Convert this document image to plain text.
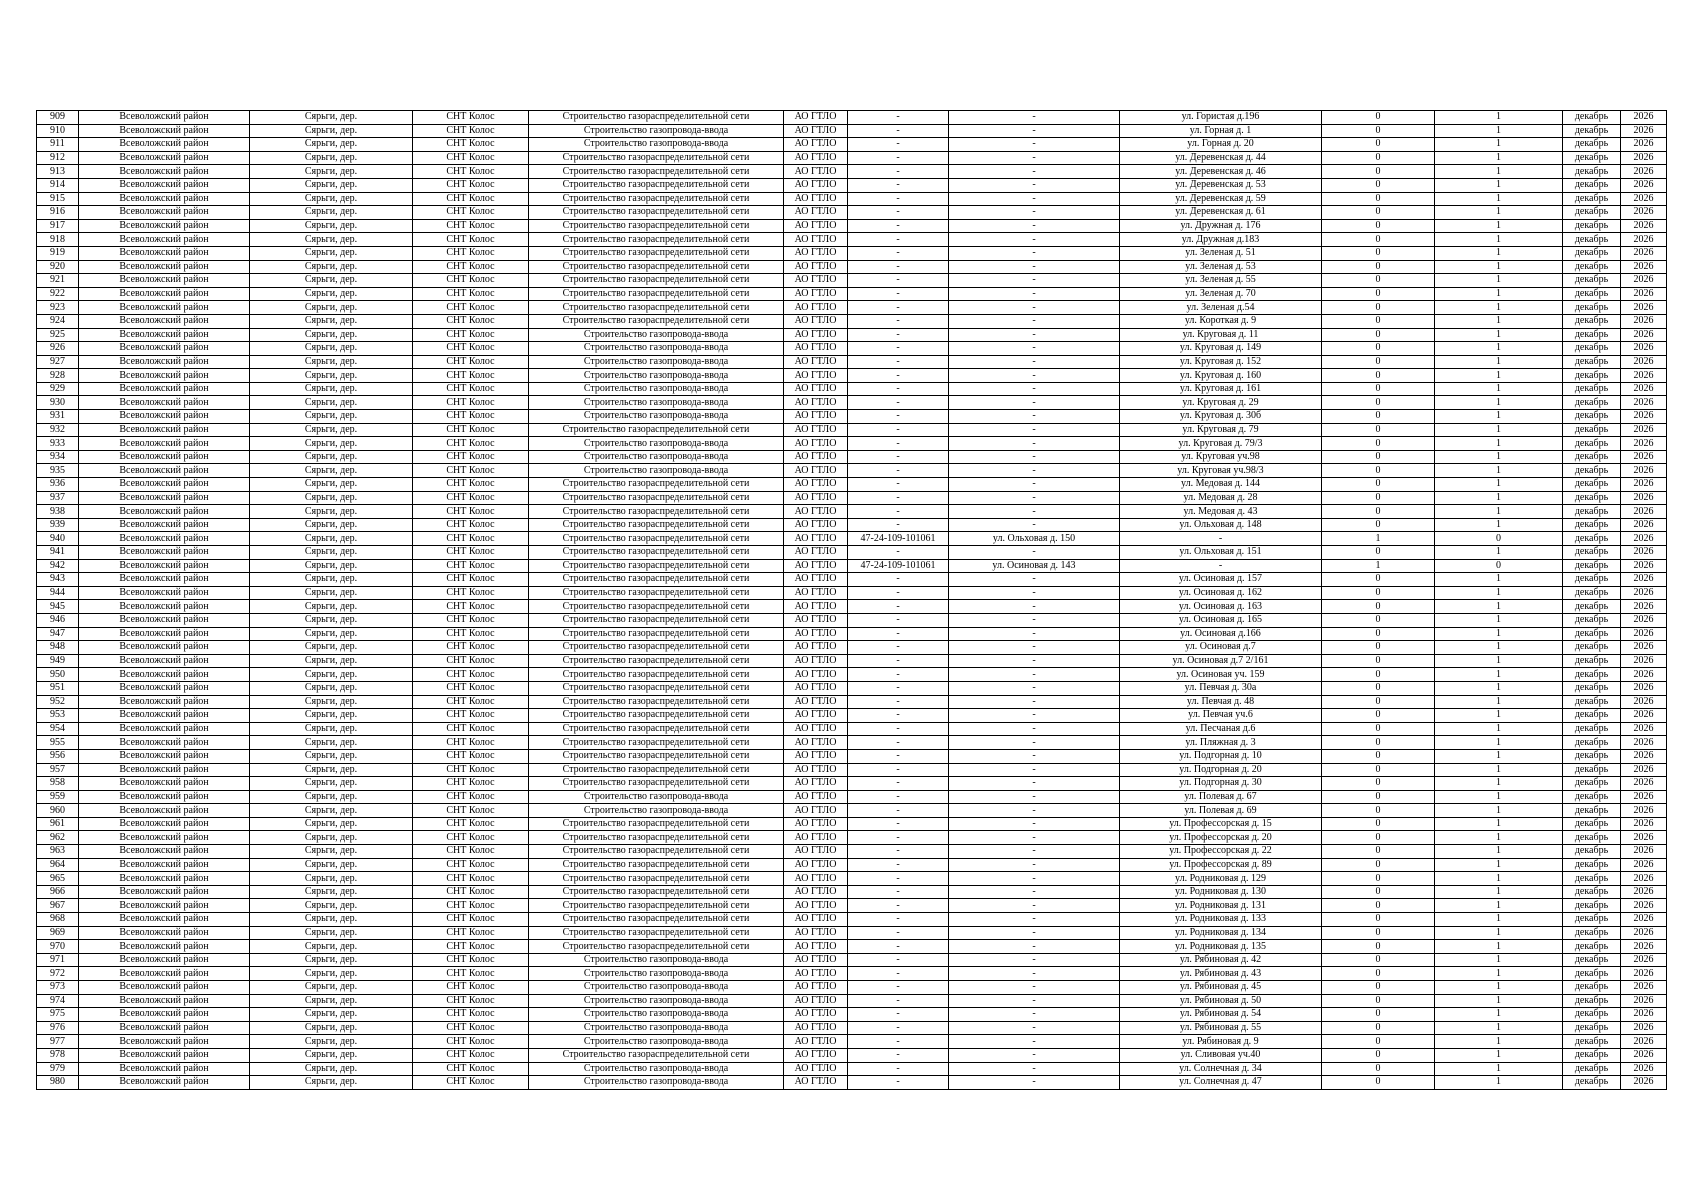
909	Всеволожский район	Сярьги, дер.	СНТ Колос	Строительство газораспределительной сети	АО ГТЛО	-	-	ул. Гористая д.196	0	1	декабрь	2026
910	Всеволожский район	Сярьги, дер.	СНТ Колос	Строительство газопровода-ввода	АО ГТЛО	-	-	ул. Горная д. 1	0	1	декабрь	2026
911	Всеволожский район	Сярьги, дер.	СНТ Колос	Строительство газопровода-ввода	АО ГТЛО	-	-	ул. Горная д. 20	0	1	декабрь	2026
912	Всеволожский район	Сярьги, дер.	СНТ Колос	Строительство газораспределительной сети	АО ГТЛО	-	-	ул. Деревенская д. 44	0	1	декабрь	2026
913	Всеволожский район	Сярьги, дер.	СНТ Колос	Строительство газораспределительной сети	АО ГТЛО	-	-	ул. Деревенская д. 46	0	1	декабрь	2026
914	Всеволожский район	Сярьги, дер.	СНТ Колос	Строительство газораспределительной сети	АО ГТЛО	-	-	ул. Деревенская д. 53	0	1	декабрь	2026
915	Всеволожский район	Сярьги, дер.	СНТ Колос	Строительство газораспределительной сети	АО ГТЛО	-	-	ул. Деревенская д. 59	0	1	декабрь	2026
916	Всеволожский район	Сярьги, дер.	СНТ Колос	Строительство газораспределительной сети	АО ГТЛО	-	-	ул. Деревенская д. 61	0	1	декабрь	2026
917	Всеволожский район	Сярьги, дер.	СНТ Колос	Строительство газораспределительной сети	АО ГТЛО	-	-	ул. Дружная д. 176	0	1	декабрь	2026
918	Всеволожский район	Сярьги, дер.	СНТ Колос	Строительство газораспределительной сети	АО ГТЛО	-	-	ул. Дружная д.183	0	1	декабрь	2026
919	Всеволожский район	Сярьги, дер.	СНТ Колос	Строительство газораспределительной сети	АО ГТЛО	-	-	ул. Зеленая д. 51	0	1	декабрь	2026
920	Всеволожский район	Сярьги, дер.	СНТ Колос	Строительство газораспределительной сети	АО ГТЛО	-	-	ул. Зеленая д. 53	0	1	декабрь	2026
921	Всеволожский район	Сярьги, дер.	СНТ Колос	Строительство газораспределительной сети	АО ГТЛО	-	-	ул. Зеленая д. 55	0	1	декабрь	2026
922	Всеволожский район	Сярьги, дер.	СНТ Колос	Строительство газораспределительной сети	АО ГТЛО	-	-	ул. Зеленая д. 70	0	1	декабрь	2026
923	Всеволожский район	Сярьги, дер.	СНТ Колос	Строительство газораспределительной сети	АО ГТЛО	-	-	ул. Зеленая д.54	0	1	декабрь	2026
924	Всеволожский район	Сярьги, дер.	СНТ Колос	Строительство газораспределительной сети	АО ГТЛО	-	-	ул. Короткая д. 9	0	1	декабрь	2026
925	Всеволожский район	Сярьги, дер.	СНТ Колос	Строительство газопровода-ввода	АО ГТЛО	-	-	ул. Круговая д. 11	0	1	декабрь	2026
926	Всеволожский район	Сярьги, дер.	СНТ Колос	Строительство газопровода-ввода	АО ГТЛО	-	-	ул. Круговая д. 149	0	1	декабрь	2026
927	Всеволожский район	Сярьги, дер.	СНТ Колос	Строительство газопровода-ввода	АО ГТЛО	-	-	ул. Круговая д. 152	0	1	декабрь	2026
928	Всеволожский район	Сярьги, дер.	СНТ Колос	Строительство газопровода-ввода	АО ГТЛО	-	-	ул. Круговая д. 160	0	1	декабрь	2026
929	Всеволожский район	Сярьги, дер.	СНТ Колос	Строительство газопровода-ввода	АО ГТЛО	-	-	ул. Круговая д. 161	0	1	декабрь	2026
930	Всеволожский район	Сярьги, дер.	СНТ Колос	Строительство газопровода-ввода	АО ГТЛО	-	-	ул. Круговая д. 29	0	1	декабрь	2026
931	Всеволожский район	Сярьги, дер.	СНТ Колос	Строительство газопровода-ввода	АО ГТЛО	-	-	ул. Круговая д. 30б	0	1	декабрь	2026
932	Всеволожский район	Сярьги, дер.	СНТ Колос	Строительство газораспределительной сети	АО ГТЛО	-	-	ул. Круговая д. 79	0	1	декабрь	2026
933	Всеволожский район	Сярьги, дер.	СНТ Колос	Строительство газопровода-ввода	АО ГТЛО	-	-	ул. Круговая д. 79/3	0	1	декабрь	2026
934	Всеволожский район	Сярьги, дер.	СНТ Колос	Строительство газопровода-ввода	АО ГТЛО	-	-	ул. Круговая уч.98	0	1	декабрь	2026
935	Всеволожский район	Сярьги, дер.	СНТ Колос	Строительство газопровода-ввода	АО ГТЛО	-	-	ул. Круговая уч.98/3	0	1	декабрь	2026
936	Всеволожский район	Сярьги, дер.	СНТ Колос	Строительство газораспределительной сети	АО ГТЛО	-	-	ул. Медовая д. 144	0	1	декабрь	2026
937	Всеволожский район	Сярьги, дер.	СНТ Колос	Строительство газораспределительной сети	АО ГТЛО	-	-	ул. Медовая д. 28	0	1	декабрь	2026
938	Всеволожский район	Сярьги, дер.	СНТ Колос	Строительство газораспределительной сети	АО ГТЛО	-	-	ул. Медовая д. 43	0	1	декабрь	2026
939	Всеволожский район	Сярьги, дер.	СНТ Колос	Строительство газораспределительной сети	АО ГТЛО	-	-	ул. Ольховая д. 148	0	1	декабрь	2026
940	Всеволожский район	Сярьги, дер.	СНТ Колос	Строительство газораспределительной сети	АО ГТЛО	47-24-109-101061	ул. Ольховая д. 150	-	1	0	декабрь	2026
941	Всеволожский район	Сярьги, дер.	СНТ Колос	Строительство газораспределительной сети	АО ГТЛО	-	-	ул. Ольховая д. 151	0	1	декабрь	2026
942	Всеволожский район	Сярьги, дер.	СНТ Колос	Строительство газораспределительной сети	АО ГТЛО	47-24-109-101061	ул. Осиновая д. 143	-	1	0	декабрь	2026
943	Всеволожский район	Сярьги, дер.	СНТ Колос	Строительство газораспределительной сети	АО ГТЛО	-	-	ул. Осиновая д. 157	0	1	декабрь	2026
944	Всеволожский район	Сярьги, дер.	СНТ Колос	Строительство газораспределительной сети	АО ГТЛО	-	-	ул. Осиновая д. 162	0	1	декабрь	2026
945	Всеволожский район	Сярьги, дер.	СНТ Колос	Строительство газораспределительной сети	АО ГТЛО	-	-	ул. Осиновая д. 163	0	1	декабрь	2026
946	Всеволожский район	Сярьги, дер.	СНТ Колос	Строительство газораспределительной сети	АО ГТЛО	-	-	ул. Осиновая д. 165	0	1	декабрь	2026
947	Всеволожский район	Сярьги, дер.	СНТ Колос	Строительство газораспределительной сети	АО ГТЛО	-	-	ул. Осиновая д.166	0	1	декабрь	2026
948	Всеволожский район	Сярьги, дер.	СНТ Колос	Строительство газораспределительной сети	АО ГТЛО	-	-	ул. Осиновая д.7	0	1	декабрь	2026
949	Всеволожский район	Сярьги, дер.	СНТ Колос	Строительство газораспределительной сети	АО ГТЛО	-	-	ул. Осиновая д.7 2/161	0	1	декабрь	2026
950	Всеволожский район	Сярьги, дер.	СНТ Колос	Строительство газораспределительной сети	АО ГТЛО	-	-	ул. Осиновая уч. 159	0	1	декабрь	2026
951	Всеволожский район	Сярьги, дер.	СНТ Колос	Строительство газораспределительной сети	АО ГТЛО	-	-	ул. Певчая д. 30а	0	1	декабрь	2026
952	Всеволожский район	Сярьги, дер.	СНТ Колос	Строительство газораспределительной сети	АО ГТЛО	-	-	ул. Певчая д. 48	0	1	декабрь	2026
953	Всеволожский район	Сярьги, дер.	СНТ Колос	Строительство газораспределительной сети	АО ГТЛО	-	-	ул. Певчая уч.6	0	1	декабрь	2026
954	Всеволожский район	Сярьги, дер.	СНТ Колос	Строительство газораспределительной сети	АО ГТЛО	-	-	ул. Песчаная д.6	0	1	декабрь	2026
955	Всеволожский район	Сярьги, дер.	СНТ Колос	Строительство газораспределительной сети	АО ГТЛО	-	-	ул. Пляжная д. 3	0	1	декабрь	2026
956	Всеволожский район	Сярьги, дер.	СНТ Колос	Строительство газораспределительной сети	АО ГТЛО	-	-	ул. Подгорная д. 10	0	1	декабрь	2026
957	Всеволожский район	Сярьги, дер.	СНТ Колос	Строительство газораспределительной сети	АО ГТЛО	-	-	ул. Подгорная д. 20	0	1	декабрь	2026
958	Всеволожский район	Сярьги, дер.	СНТ Колос	Строительство газораспределительной сети	АО ГТЛО	-	-	ул. Подгорная д. 30	0	1	декабрь	2026
959	Всеволожский район	Сярьги, дер.	СНТ Колос	Строительство газопровода-ввода	АО ГТЛО	-	-	ул. Полевая д. 67	0	1	декабрь	2026
960	Всеволожский район	Сярьги, дер.	СНТ Колос	Строительство газопровода-ввода	АО ГТЛО	-	-	ул. Полевая д. 69	0	1	декабрь	2026
961	Всеволожский район	Сярьги, дер.	СНТ Колос	Строительство газораспределительной сети	АО ГТЛО	-	-	ул. Профессорская д. 15	0	1	декабрь	2026
962	Всеволожский район	Сярьги, дер.	СНТ Колос	Строительство газораспределительной сети	АО ГТЛО	-	-	ул. Профессорская д. 20	0	1	декабрь	2026
963	Всеволожский район	Сярьги, дер.	СНТ Колос	Строительство газораспределительной сети	АО ГТЛО	-	-	ул. Профессорская д. 22	0	1	декабрь	2026
964	Всеволожский район	Сярьги, дер.	СНТ Колос	Строительство газораспределительной сети	АО ГТЛО	-	-	ул. Профессорская д. 89	0	1	декабрь	2026
965	Всеволожский район	Сярьги, дер.	СНТ Колос	Строительство газораспределительной сети	АО ГТЛО	-	-	ул. Родниковая д. 129	0	1	декабрь	2026
966	Всеволожский район	Сярьги, дер.	СНТ Колос	Строительство газораспределительной сети	АО ГТЛО	-	-	ул. Родниковая д. 130	0	1	декабрь	2026
967	Всеволожский район	Сярьги, дер.	СНТ Колос	Строительство газораспределительной сети	АО ГТЛО	-	-	ул. Родниковая д. 131	0	1	декабрь	2026
968	Всеволожский район	Сярьги, дер.	СНТ Колос	Строительство газораспределительной сети	АО ГТЛО	-	-	ул. Родниковая д. 133	0	1	декабрь	2026
969	Всеволожский район	Сярьги, дер.	СНТ Колос	Строительство газораспределительной сети	АО ГТЛО	-	-	ул. Родниковая д. 134	0	1	декабрь	2026
970	Всеволожский район	Сярьги, дер.	СНТ Колос	Строительство газораспределительной сети	АО ГТЛО	-	-	ул. Родниковая д. 135	0	1	декабрь	2026
971	Всеволожский район	Сярьги, дер.	СНТ Колос	Строительство газопровода-ввода	АО ГТЛО	-	-	ул. Рябиновая д. 42	0	1	декабрь	2026
972	Всеволожский район	Сярьги, дер.	СНТ Колос	Строительство газопровода-ввода	АО ГТЛО	-	-	ул. Рябиновая д. 43	0	1	декабрь	2026
973	Всеволожский район	Сярьги, дер.	СНТ Колос	Строительство газопровода-ввода	АО ГТЛО	-	-	ул. Рябиновая д. 45	0	1	декабрь	2026
974	Всеволожский район	Сярьги, дер.	СНТ Колос	Строительство газопровода-ввода	АО ГТЛО	-	-	ул. Рябиновая д. 50	0	1	декабрь	2026
975	Всеволожский район	Сярьги, дер.	СНТ Колос	Строительство газопровода-ввода	АО ГТЛО	-	-	ул. Рябиновая д. 54	0	1	декабрь	2026
976	Всеволожский район	Сярьги, дер.	СНТ Колос	Строительство газопровода-ввода	АО ГТЛО	-	-	ул. Рябиновая д. 55	0	1	декабрь	2026
977	Всеволожский район	Сярьги, дер.	СНТ Колос	Строительство газопровода-ввода	АО ГТЛО	-	-	ул. Рябиновая д. 9	0	1	декабрь	2026
978	Всеволожский район	Сярьги, дер.	СНТ Колос	Строительство газораспределительной сети	АО ГТЛО	-	-	ул. Сливовая уч.40	0	1	декабрь	2026
979	Всеволожский район	Сярьги, дер.	СНТ Колос	Строительство газопровода-ввода	АО ГТЛО	-	-	ул. Солнечная д. 34	0	1	декабрь	2026
980	Всеволожский район	Сярьги, дер.	СНТ Колос	Строительство газопровода-ввода	АО ГТЛО	-	-	ул. Солнечная д. 47	0	1	декабрь	2026
